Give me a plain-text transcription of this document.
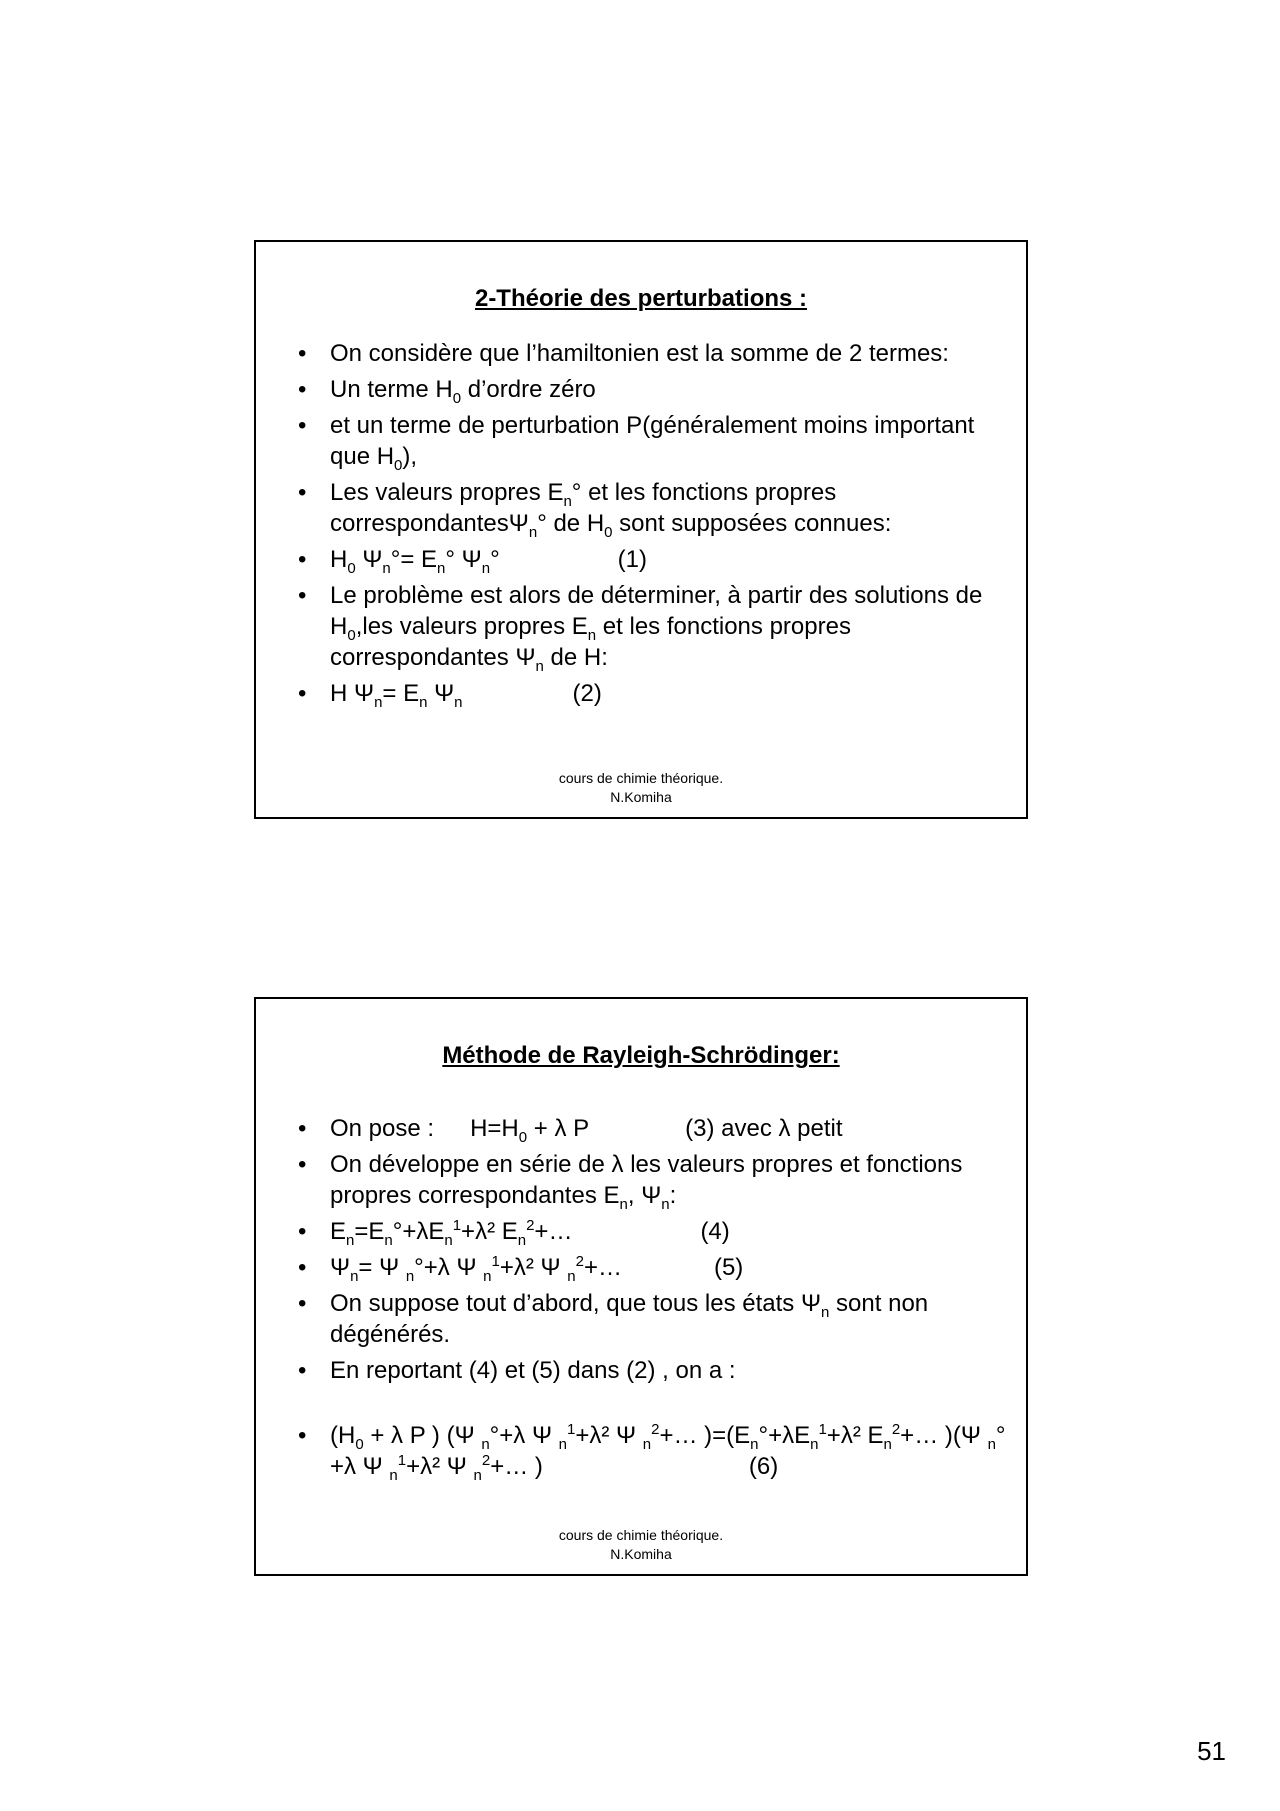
2-Théorie des perturbations :
• On considère que l’hamiltonien est la somme de 2 termes:
• Un terme $H_0$ d’ordre zéro
• et un terme de perturbation P(généralement moins important que $H_0$),
• Les valeurs propres $E_n^\circ$ et les fonctions propres correspondantesΨ$_n$° de $H_0$ sont supposées connues:
• $H_0$ $\Psi_n^\circ= E_n^\circ$ $\Psi_n^\circ$	(1)
• Le problème est alors de déterminer, à partir des solutions de $H_0,les$ valeurs propres $E_n$ et les fonctions propres correspondantes $\Psi_n$ de H:
• H $\Psi_n= E_n$ $\Psi_n$	(2)
cours de chimie théorique.
N.Komiha
Méthode de Rayleigh-Schrödinger:
• On pose : $H=H_0 + \lambda$ P	(3) avec λ petit
• On développe en série de λ les valeurs propres et fonctions propres correspondantes $E_n$, $\Psi_n$:
• $E_n=E_n^\circ+\lambda E_n^1+\lambda^2$ $E_n^2+\dots$	(4)
• $\Psi_n= \Psi$ $_n$°+λ Ψ $_n^1$+λ² Ψ $_n^2$+…	(5)
• On suppose tout d’abord, que tous les états $\Psi_n$ sont non dégénérés.
• En reportant (4) et (5) dans (2) , on a :
• ($H_0 + \lambda$ P ) (Ψ $_n$°+λ Ψ $_n^1$+λ² Ψ $_n^2$+… )$=(E_n^\circ+\lambda E_n^1+\lambda^2$ $E_n^2+\dots$ )(Ψ $_n$°+λ Ψ $_n^1$+λ² Ψ $_n^2$+… )	(6)
cours de chimie théorique.
N.Komiha
51
